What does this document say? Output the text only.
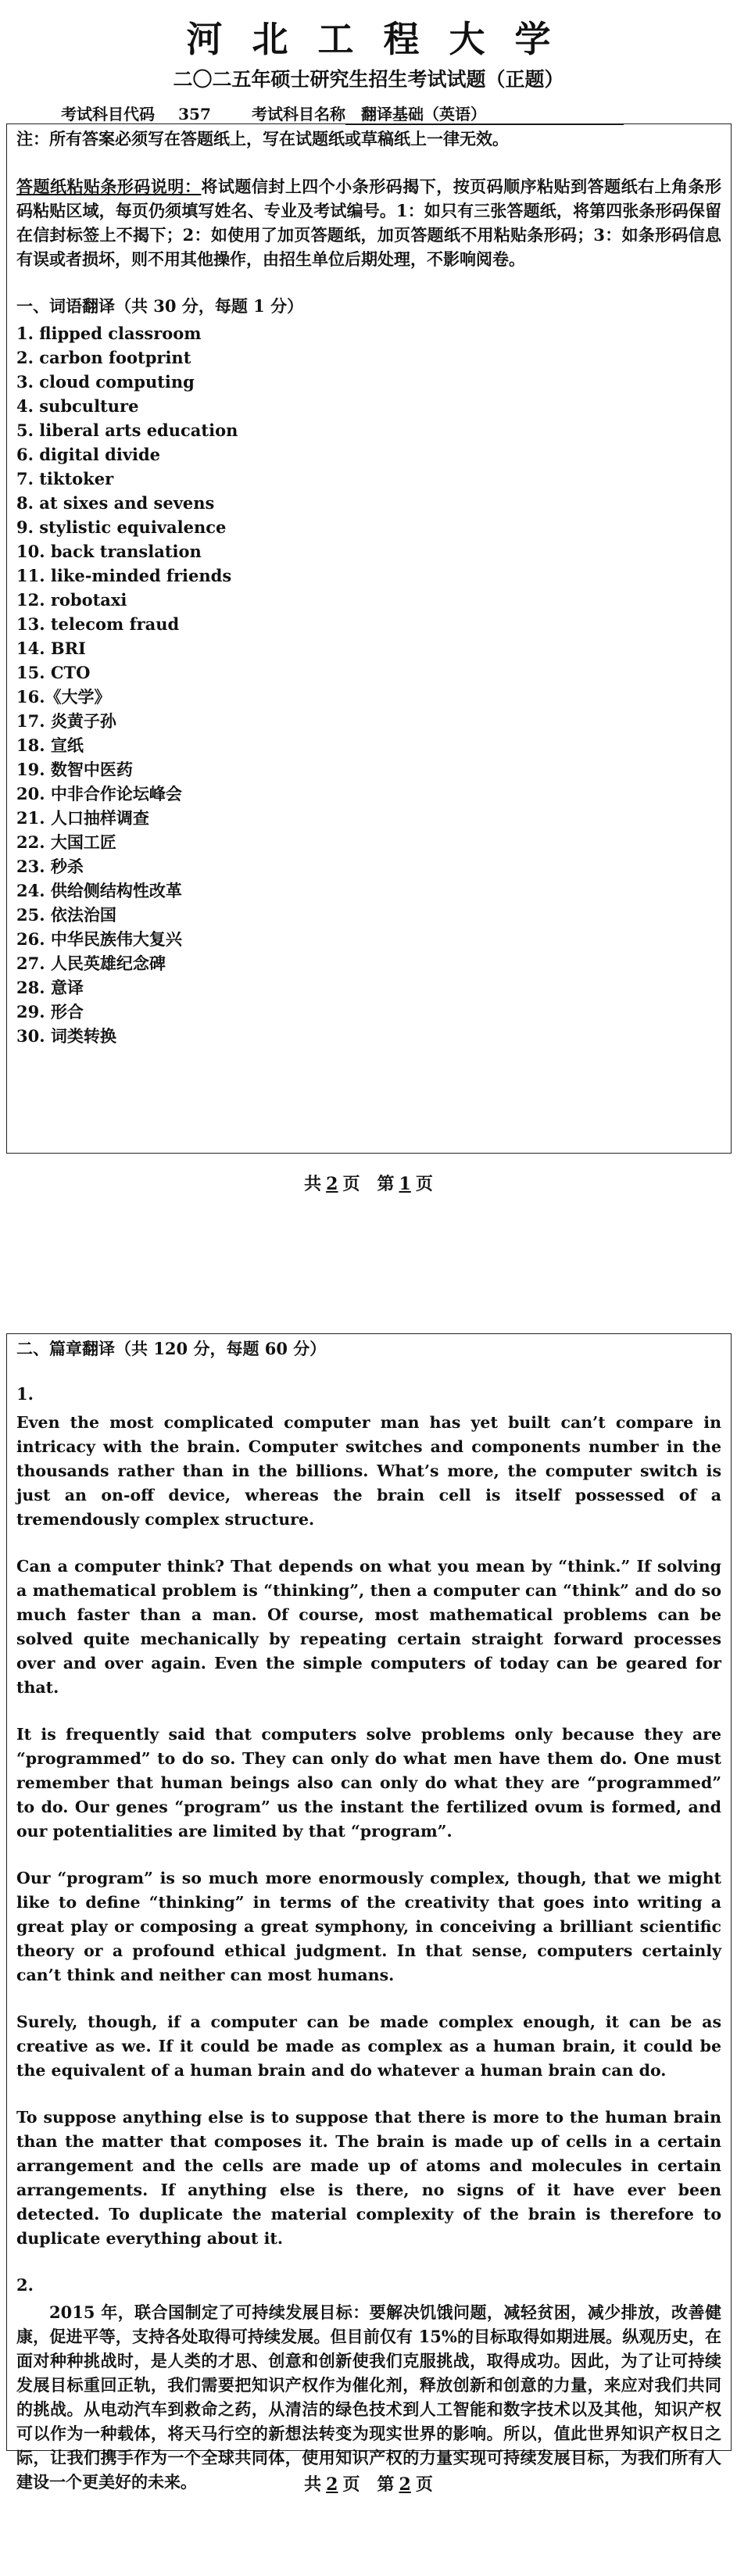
河北工程大学
二〇二五年硕士研究生招生考试试题（正题）
考试科目代码 357	考试科目名称 翻译基础（英语）

注：所有答案必须写在答题纸上，写在试题纸或草稿纸上一律无效。

答题纸粘贴条形码说明：将试题信封上四个小条形码揭下，按页码顺序粘贴到答题纸右上角条形码粘贴区域，每页仍须填写姓名、专业及考试编号。1：如只有三张答题纸，将第四张条形码保留在信封标签上不揭下；2：如使用了加页答题纸，加页答题纸不用粘贴条形码；3：如条形码信息有误或者损坏，则不用其他操作，由招生单位后期处理，不影响阅卷。

一、词语翻译（共 30 分，每题 1 分）

1. flipped classroom
2. carbon footprint
3. cloud computing
4. subculture
5. liberal arts education
6. digital divide
7. tiktoker
8. at sixes and sevens
9. stylistic equivalence
10. back translation
11. like-minded friends
12. robotaxi
13. telecom fraud
14. BRI
15. CTO
16.《大学》
17. 炎黄子孙
18. 宣纸
19. 数智中医药
20. 中非合作论坛峰会
21. 人口抽样调查
22. 大国工匠
23. 秒杀
24. 供给侧结构性改革
25. 依法治国
26. 中华民族伟大复兴
27. 人民英雄纪念碑
28. 意译
29. 形合
30. 词类转换
共 2 页　第 1 页

二、篇章翻译（共 120 分，每题 60 分）

1.

Even the most complicated computer man has yet built can’t compare in intricacy with the brain. Computer switches and components number in the thousands rather than in the billions. What’s more, the computer switch is just an on-off device, whereas the brain cell is itself possessed of a tremendously complex structure.

Can a computer think? That depends on what you mean by “think.” If solving a mathematical problem is “thinking”, then a computer can “think” and do so much faster than a man. Of course, most mathematical problems can be solved quite mechanically by repeating certain straight forward processes over and over again. Even the simple computers of today can be geared for that.

It is frequently said that computers solve problems only because they are “programmed” to do so. They can only do what men have them do. One must remember that human beings also can only do what they are “programmed” to do. Our genes “program” us the instant the fertilized ovum is formed, and our potentialities are limited by that “program”.

Our “program” is so much more enormously complex, though, that we might like to define “thinking” in terms of the creativity that goes into writing a great play or composing a great symphony, in conceiving a brilliant scientific theory or a profound ethical judgment. In that sense, computers certainly can’t think and neither can most humans.

Surely, though, if a computer can be made complex enough, it can be as creative as we. If it could be made as complex as a human brain, it could be the equivalent of a human brain and do whatever a human brain can do.

To suppose anything else is to suppose that there is more to the human brain than the matter that composes it. The brain is made up of cells in a certain arrangement and the cells are made up of atoms and molecules in certain arrangements. If anything else is there, no signs of it have ever been detected. To duplicate the material complexity of the brain is therefore to duplicate everything about it.

2.

2015 年，联合国制定了可持续发展目标：要解决饥饿问题，减轻贫困，减少排放，改善健康，促进平等，支持各处取得可持续发展。但目前仅有 15%的目标取得如期进展。纵观历史，在面对种种挑战时，是人类的才思、创意和创新使我们克服挑战，取得成功。因此，为了让可持续发展目标重回正轨，我们需要把知识产权作为催化剂，释放创新和创意的力量，来应对我们共同的挑战。从电动汽车到救命之药，从清洁的绿色技术到人工智能和数字技术以及其他，知识产权可以作为一种载体，将天马行空的新想法转变为现实世界的影响。所以，值此世界知识产权日之际，让我们携手作为一个全球共同体，使用知识产权的力量实现可持续发展目标，为我们所有人建设一个更美好的未来。	共 2 页　第 2 页
